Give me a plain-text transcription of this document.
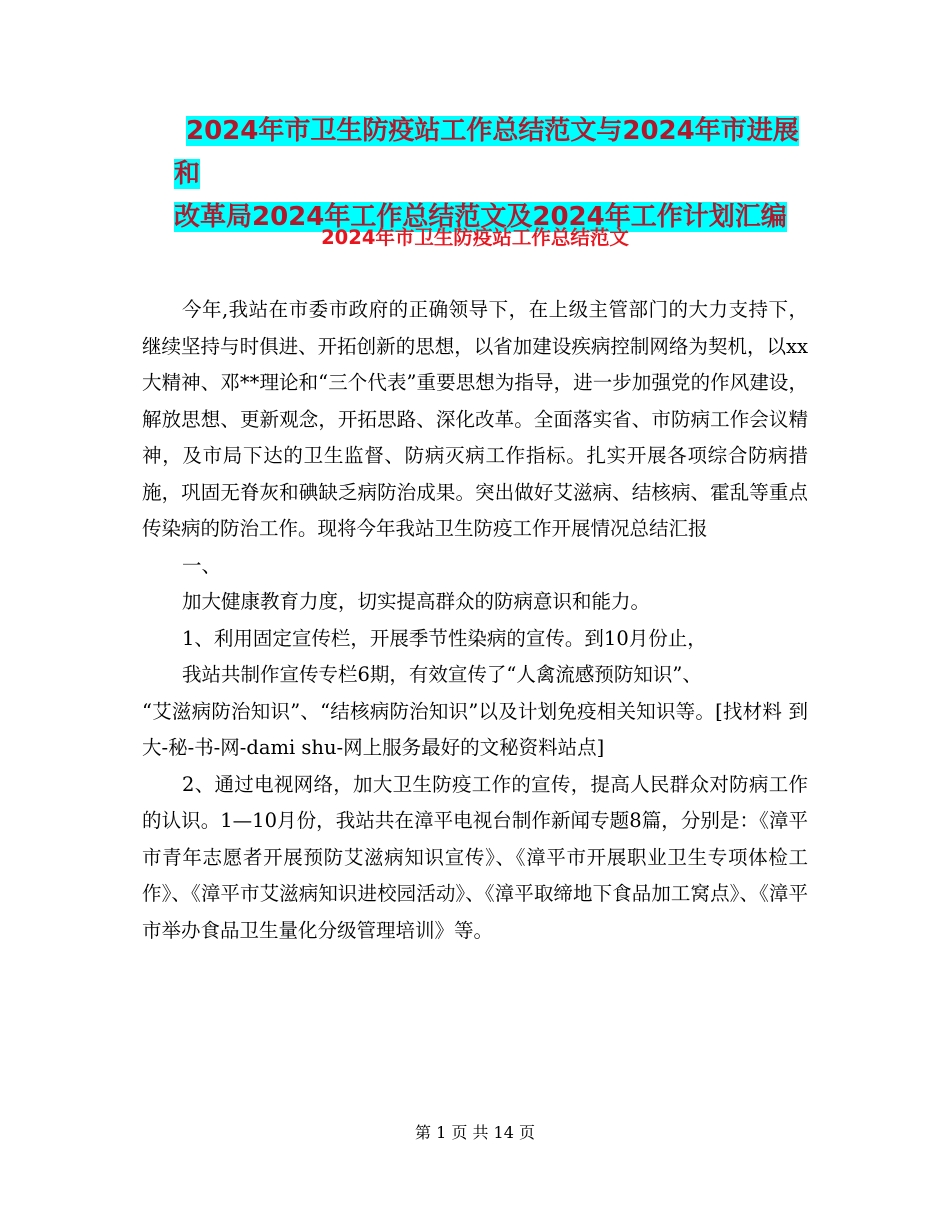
2024年市卫生防疫站工作总结范文与2024年市进展和
改革局2024年工作总结范文及2024年工作计划汇编
2024年市卫生防疫站工作总结范文

今年,我站在市委市政府的正确领导下，在上级主管部门的大力支持下，继续坚持与时俱进、开拓创新的思想，以省加建设疾病控制网络为契机，以xx大精神、邓**理论和“三个代表”重要思想为指导，进一步加强党的作风建设，解放思想、更新观念，开拓思路、深化改革。全面落实省、市防病工作会议精神，及市局下达的卫生监督、防病灭病工作指标。扎实开展各项综合防病措施，巩固无脊灰和碘缺乏病防治成果。突出做好艾滋病、结核病、霍乱等重点传染病的防治工作。现将今年我站卫生防疫工作开展情况总结汇报

一、

加大健康教育力度，切实提高群众的防病意识和能力。

1、利用固定宣传栏，开展季节性染病的宣传。到10月份止，

我站共制作宣传专栏6期，有效宣传了“人禽流感预防知识”、

“艾滋病防治知识”、“结核病防治知识”以及计划免疫相关知识等。[找材料 到大-秘-书-网-dami shu-网上服务最好的文秘资料站点]

2、通过电视网络，加大卫生防疫工作的宣传，提高人民群众对防病工作的认识。1—10月份，我站共在漳平电视台制作新闻专题8篇，分别是：《漳平市青年志愿者开展预防艾滋病知识宣传》、《漳平市开展职业卫生专项体检工作》、《漳平市艾滋病知识进校园活动》、《漳平取缔地下食品加工窝点》、《漳平市举办食品卫生量化分级管理培训》等。

第 1 页 共 14 页
